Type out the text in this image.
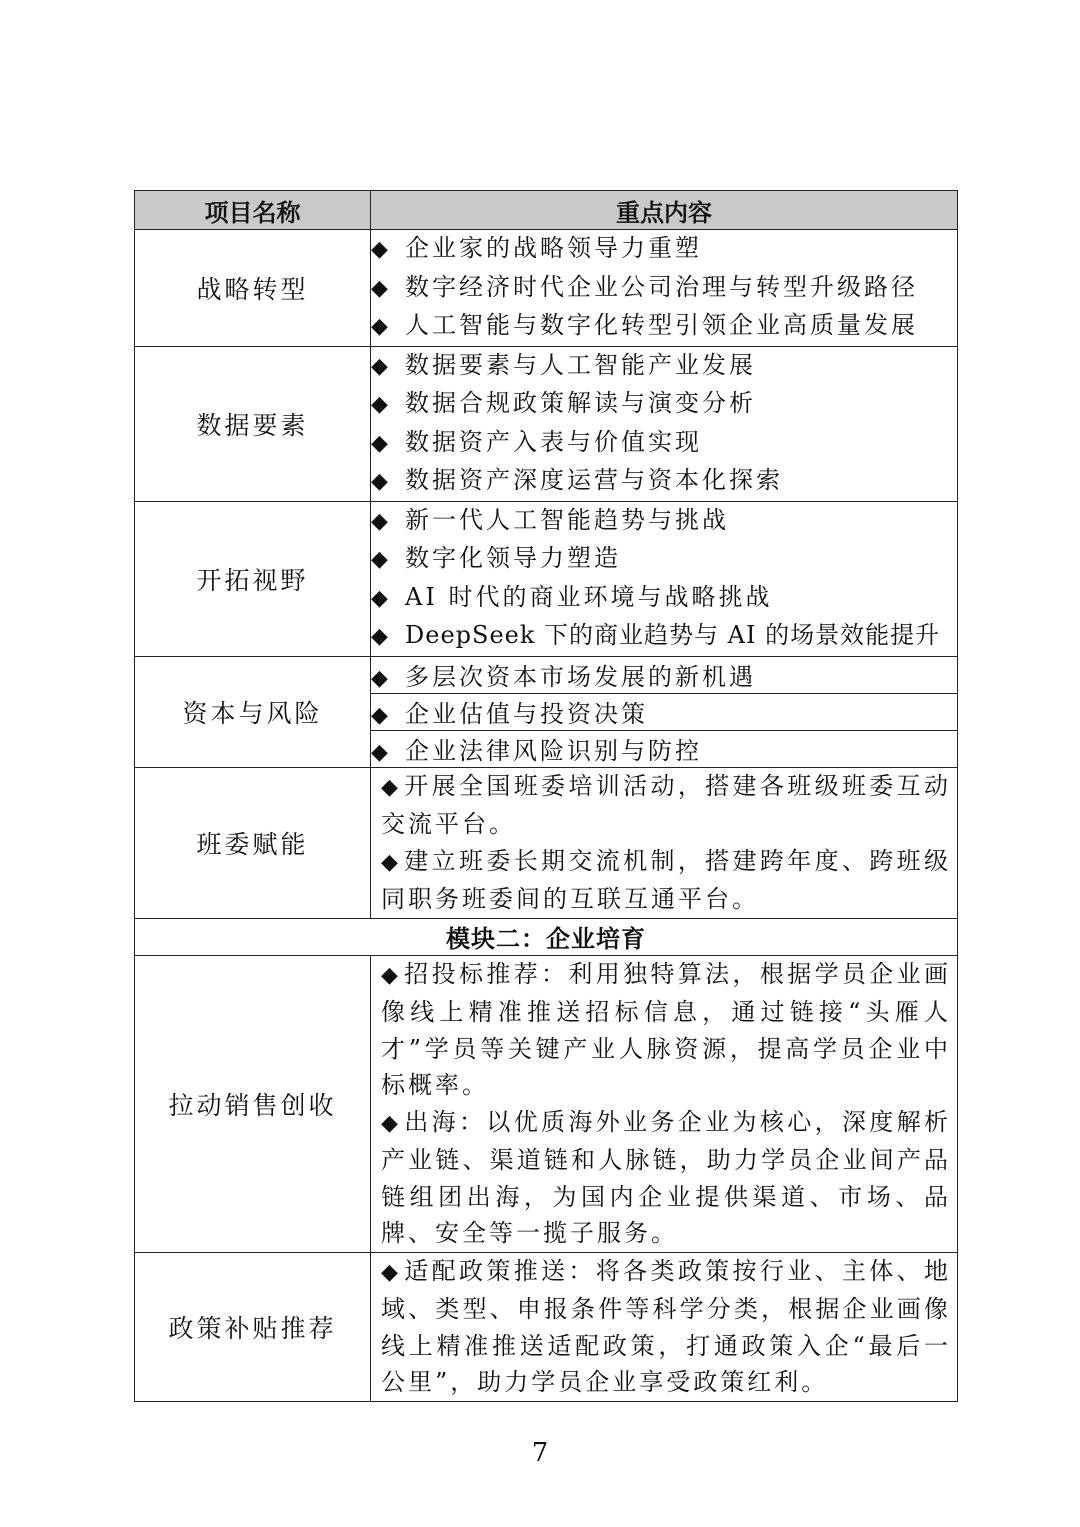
项目名称	重点内容
战略转型	◆ 企业家的战略领导力重塑
◆ 数字经济时代企业公司治理与转型升级路径
◆ 人工智能与数字化转型引领企业高质量发展

数据要素	◆ 数据要素与人工智能产业发展
◆ 数据合规政策解读与演变分析
◆ 数据资产入表与价值实现
◆ 数据资产深度运营与资本化探索

开拓视野	◆ 新一代人工智能趋势与挑战
◆ 数字化领导力塑造
◆ AI 时代的商业环境与战略挑战
◆ DeepSeek 下的商业趋势与 AI 的场景效能提升

资本与风险	◆ 多层次资本市场发展的新机遇
	◆ 企业估值与投资决策
	◆ 企业法律风险识别与防控
班委赋能	◆ 开展全国班委培训活动，搭建各班级班委互动交流平台。
◆ 建立班委长期交流机制，搭建跨年度、跨班级同职务班委间的互联互通平台。

模块二：企业培育	
拉动销售创收	◆ 招投标推荐：利用独特算法，根据学员企业画像线上精准推送招标信息，通过链接“头雁人才”学员等关键产业人脉资源，提高学员企业中标概率。
◆ 出海：以优质海外业务企业为核心，深度解析产业链、渠道链和人脉链，助力学员企业间产品链组团出海，为国内企业提供渠道、市场、品牌、安全等一揽子服务。

政策补贴推荐	◆ 适配政策推送：将各类政策按行业、主体、地域、类型、申报条件等科学分类，根据企业画像线上精准推送适配政策，打通政策入企“最后一公里”，助力学员企业享受政策红利。
7
